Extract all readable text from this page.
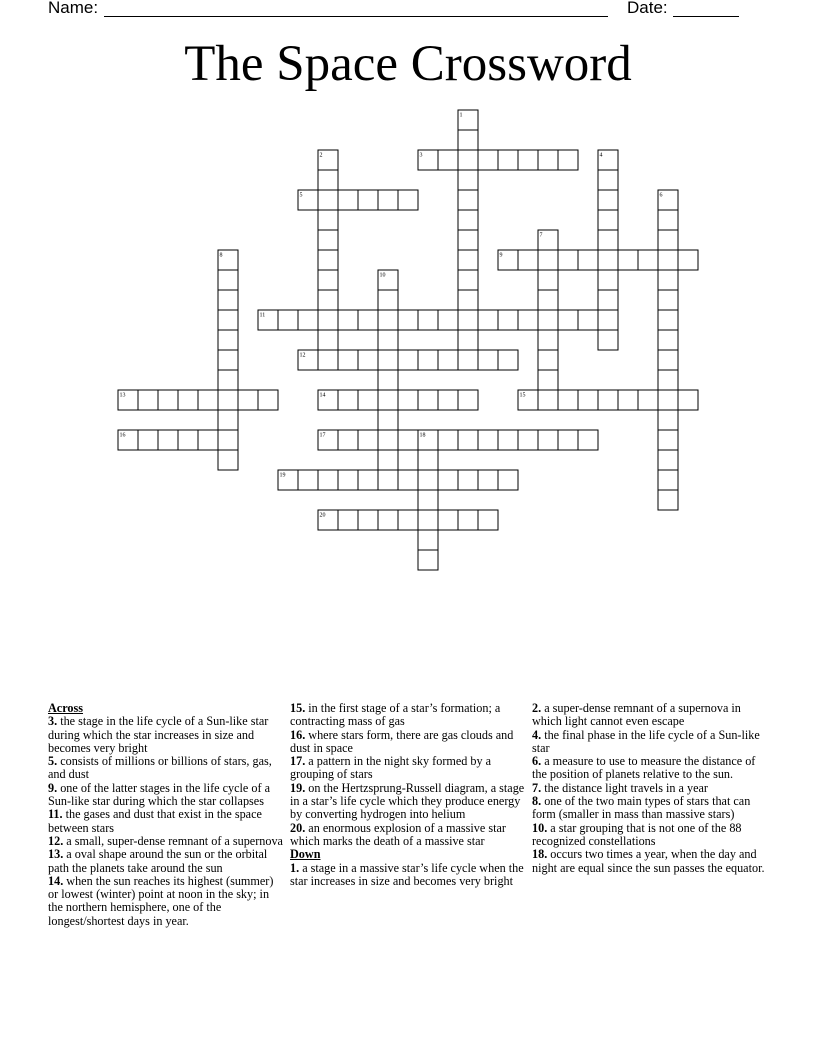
Name:	Date:
The Space Crossword
1
2	3	4
5	6
7
8	9
10
11
12
13	14	15
16	17	18
19
20
Across

3. the stage in the life cycle of a Sun-like star during which the star increases in size and becomes very bright

5. consists of millions or billions of stars, gas, and dust

9. one of the latter stages in the life cycle of a Sun-like star during which the star collapses

11. the gases and dust that exist in the space between stars

12. a small, super-dense remnant of a supernova

13. a oval shape around the sun or the orbital path the planets take around the sun

14. when the sun reaches its highest (summer) or lowest (winter) point at noon in the sky; in the northern hemisphere, one of the longest/shortest days in year.

15. in the first stage of a star’s formation; a contracting mass of gas

16. where stars form, there are gas clouds and dust in space

17. a pattern in the night sky formed by a grouping of stars

19. on the Hertzsprung-Russell diagram, a stage in a star’s life cycle which they produce energy by converting hydrogen into helium

20. an enormous explosion of a massive star which marks the death of a massive star

Down

1. a stage in a massive star’s life cycle when the star increases in size and becomes very bright

2. a super-dense remnant of a supernova in which light cannot even escape

4. the final phase in the life cycle of a Sun-like star

6. a measure to use to measure the distance of the position of planets relative to the sun.

7. the distance light travels in a year

8. one of the two main types of stars that can form (smaller in mass than massive stars)

10. a star grouping that is not one of the 88 recognized constellations

18. occurs two times a year, when the day and night are equal since the sun passes the equator.
